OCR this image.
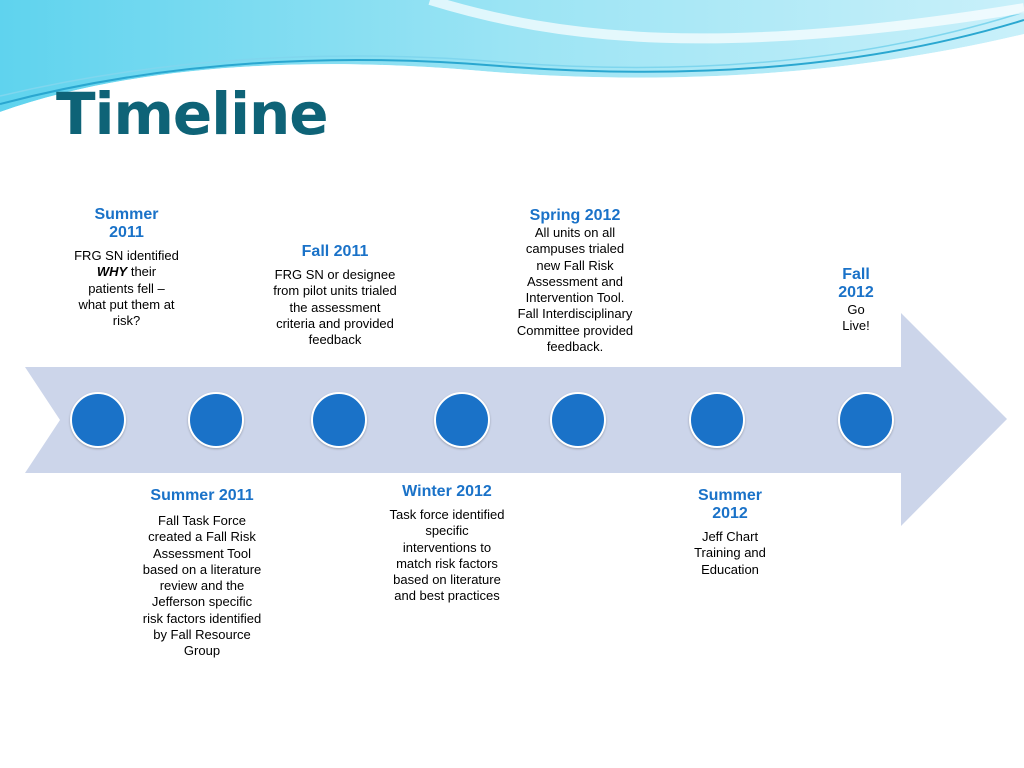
Timeline
Summer
2011
FRG SN identified WHY their patients fell – what put them at risk?
Summer 2011
Fall Task Force created a Fall Risk Assessment Tool based on a literature review and the Jefferson specific risk factors identified by Fall Resource Group
Fall 2011
FRG SN or designee from pilot units trialed the assessment criteria and provided feedback
Winter 2012
Task force identified specific interventions to match risk factors based on literature and best practices
Spring 2012
All units on all campuses trialed new Fall Risk Assessment and Intervention Tool. Fall Interdisciplinary Committee provided feedback.
Summer
2012
Jeff Chart Training and Education
Fall
2012
Go Live!
